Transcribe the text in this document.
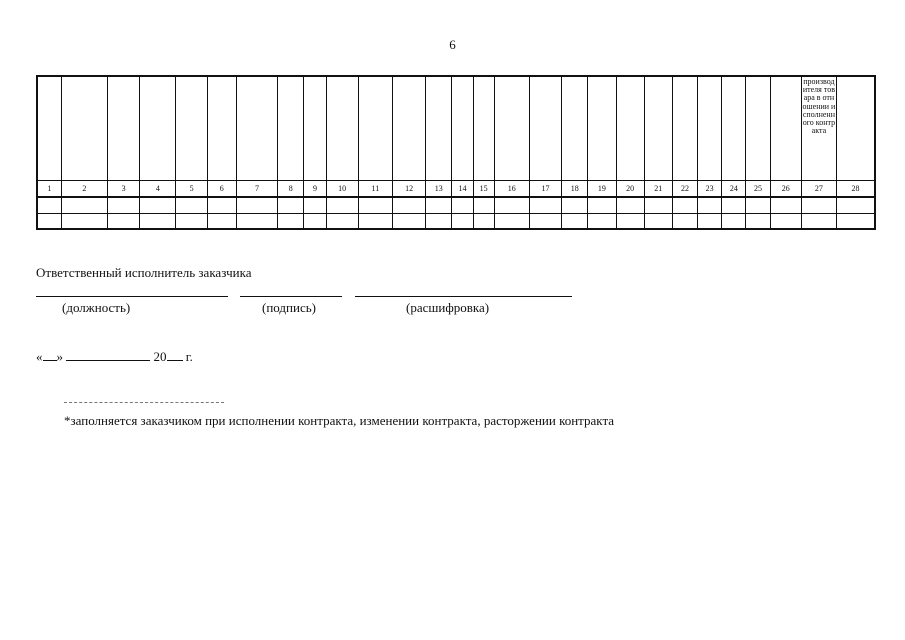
6
																										производителя товара в отношении исполненного контракта	
1	2	3	4	5	6	7	8	9	10	11	12	13	14	15	16	17	18	19	20	21	22	23	24	25	26	27	28

Ответственный исполнитель заказчика
(должность)	(подпись)	(расшифровка)
« »	20 г.
*заполняется заказчиком при исполнении контракта, изменении контракта, расторжении контракта
